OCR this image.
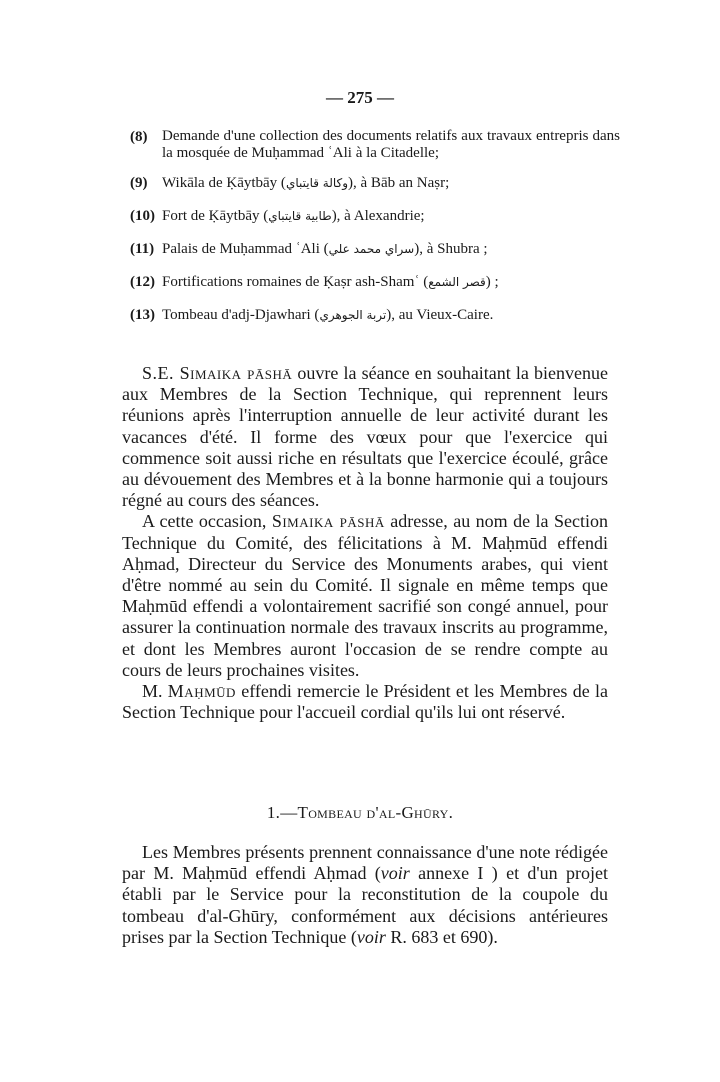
— 275 —
(8) Demande d'une collection des documents relatifs aux travaux entrepris dans la mosquée de Muḥammad ʿAli à la Citadelle;
(9) Wikāla de Ḳāytbāy (وكالة قايتباي), à Bāb an Naṣr;
(10) Fort de Ḳāytbāy (طابية قايتباي), à Alexandrie;
(11) Palais de Muḥammad ʿAli (سراي محمد علي), à Shubra ;
(12) Fortifications romaines de Ḳaṣr ash-Shamʿ (قصر الشمع) ;
(13) Tombeau d'adj-Djawhari (تربة الجوهري), au Vieux-Caire.

S.E. Simaika pāshā ouvre la séance en souhaitant la bienvenue aux Membres de la Section Technique, qui reprennent leurs réunions après l'interruption annuelle de leur activité durant les vacances d'été. Il forme des vœux pour que l'exercice qui commence soit aussi riche en résultats que l'exercice écoulé, grâce au dévouement des Membres et à la bonne harmonie qui a toujours régné au cours des séances.

A cette occasion, Simaika pāshā adresse, au nom de la Section Technique du Comité, des félicitations à M. Maḥmūd effendi Aḥmad, Directeur du Service des Monuments arabes, qui vient d'être nommé au sein du Comité. Il signale en même temps que Maḥmūd effendi a volontairement sacrifié son congé annuel, pour assurer la continuation normale des travaux inscrits au programme, et dont les Membres auront l'occasion de se rendre compte au cours de leurs prochaines visites.

M. Maḥmūd effendi remercie le Président et les Membres de la Section Technique pour l'accueil cordial qu'ils lui ont réservé.

1.—Tombeau d'al-Ghūry.

Les Membres présents prennent connaissance d'une note rédigée par M. Maḥmūd effendi Aḥmad (voir annexe I ) et d'un projet établi par le Service pour la reconstitution de la coupole du tombeau d'al-Ghūry, conformément aux décisions antérieures prises par la Section Technique (voir R. 683 et 690).
